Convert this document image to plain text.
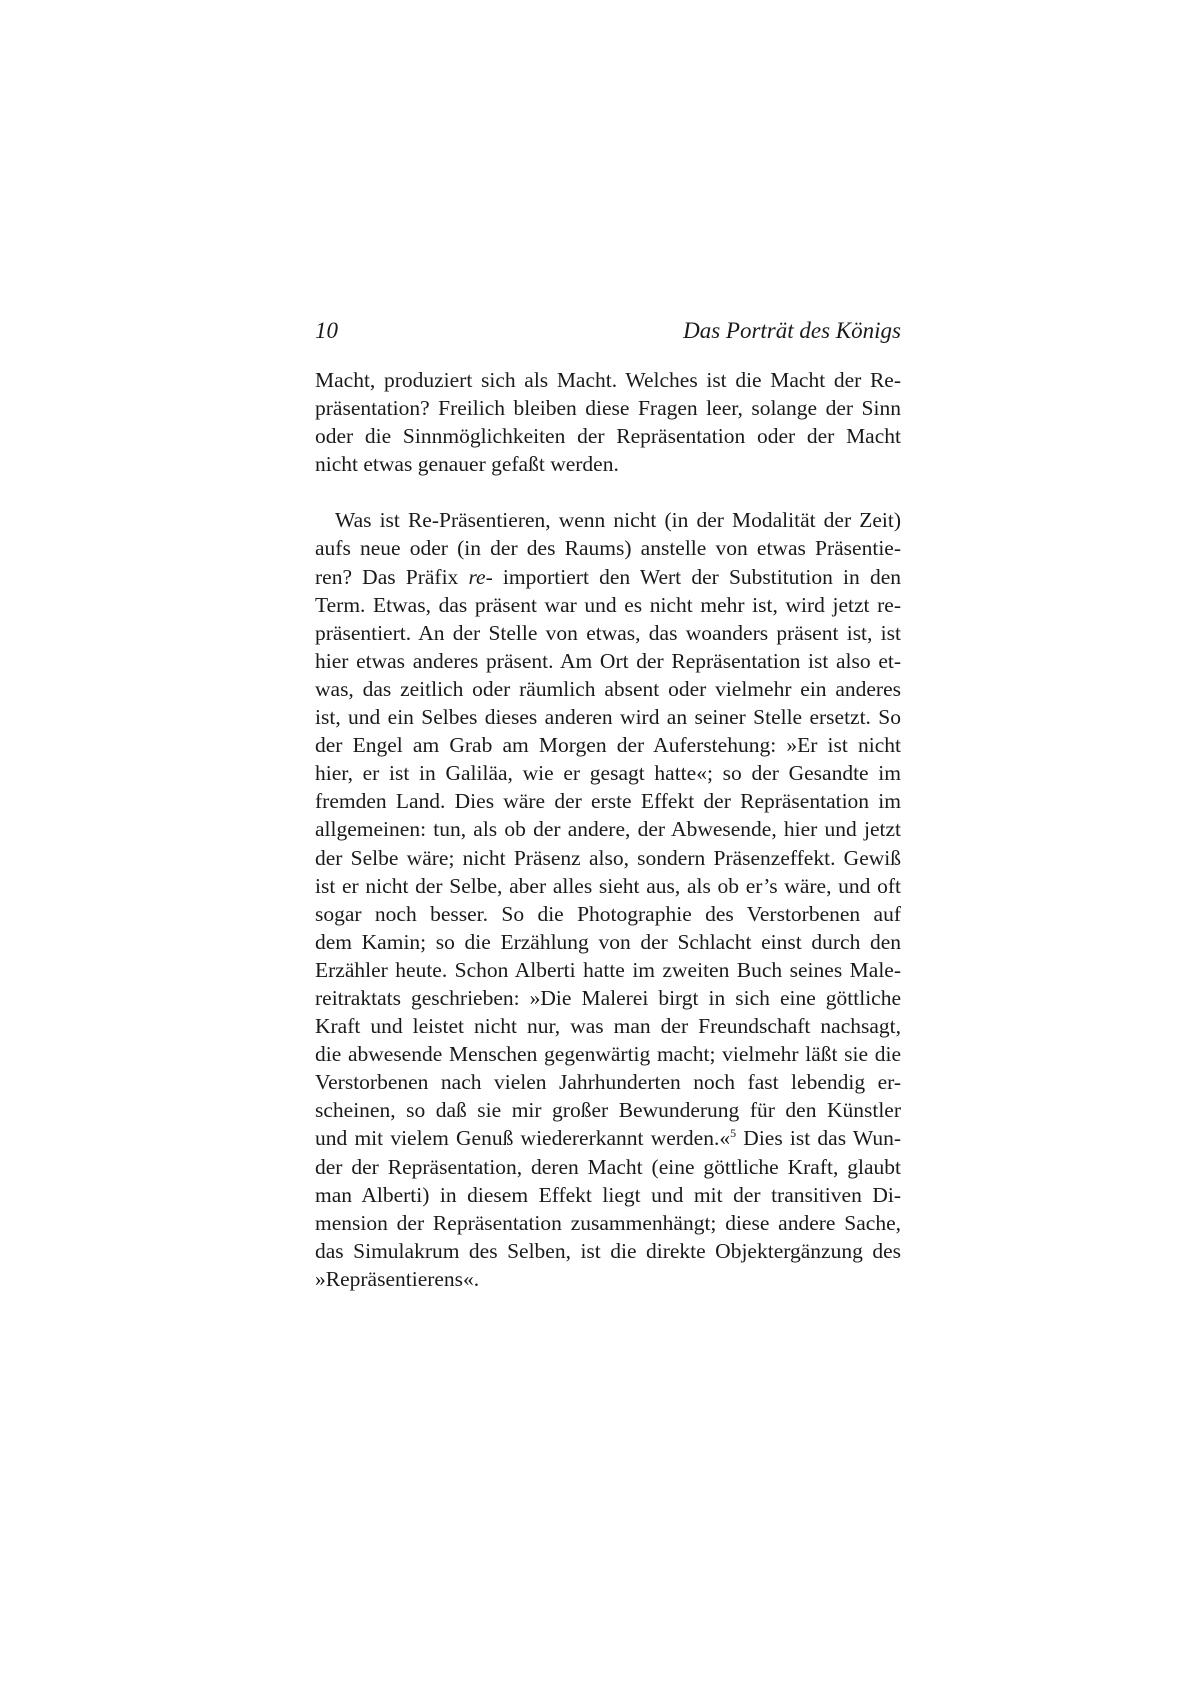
10	Das Porträt des Königs

Macht, produziert sich als Macht. Welches ist die Macht der Re-
präsentation? Freilich bleiben diese Fragen leer, solange der Sinn
oder die Sinnmöglichkeiten der Repräsentation oder der Macht
nicht etwas genauer gefaßt werden.

Was ist Re-Präsentieren, wenn nicht (in der Modalität der Zeit)
aufs neue oder (in der des Raums) anstelle von etwas Präsentie-
ren? Das Präfix re- importiert den Wert der Substitution in den
Term. Etwas, das präsent war und es nicht mehr ist, wird jetzt re-
präsentiert. An der Stelle von etwas, das woanders präsent ist, ist
hier etwas anderes präsent. Am Ort der Repräsentation ist also et-
was, das zeitlich oder räumlich absent oder vielmehr ein anderes
ist, und ein Selbes dieses anderen wird an seiner Stelle ersetzt. So
der Engel am Grab am Morgen der Auferstehung: »Er ist nicht
hier, er ist in Galiläa, wie er gesagt hatte«; so der Gesandte im
fremden Land. Dies wäre der erste Effekt der Repräsentation im
allgemeinen: tun, als ob der andere, der Abwesende, hier und jetzt
der Selbe wäre; nicht Präsenz also, sondern Präsenzeffekt. Gewiß
ist er nicht der Selbe, aber alles sieht aus, als ob er’s wäre, und oft
sogar noch besser. So die Photographie des Verstorbenen auf
dem Kamin; so die Erzählung von der Schlacht einst durch den
Erzähler heute. Schon Alberti hatte im zweiten Buch seines Male-
reitraktats geschrieben: »Die Malerei birgt in sich eine göttliche
Kraft und leistet nicht nur, was man der Freundschaft nachsagt,
die abwesende Menschen gegenwärtig macht; vielmehr läßt sie die
Verstorbenen nach vielen Jahrhunderten noch fast lebendig er-
scheinen, so daß sie mir großer Bewunderung für den Künstler
und mit vielem Genuß wiedererkannt werden.«$^5$ Dies ist das Wun-
der der Repräsentation, deren Macht (eine göttliche Kraft, glaubt
man Alberti) in diesem Effekt liegt und mit der transitiven Di-
mension der Repräsentation zusammenhängt; diese andere Sache,
das Simulakrum des Selben, ist die direkte Objektergänzung des
»Repräsentierens«.
